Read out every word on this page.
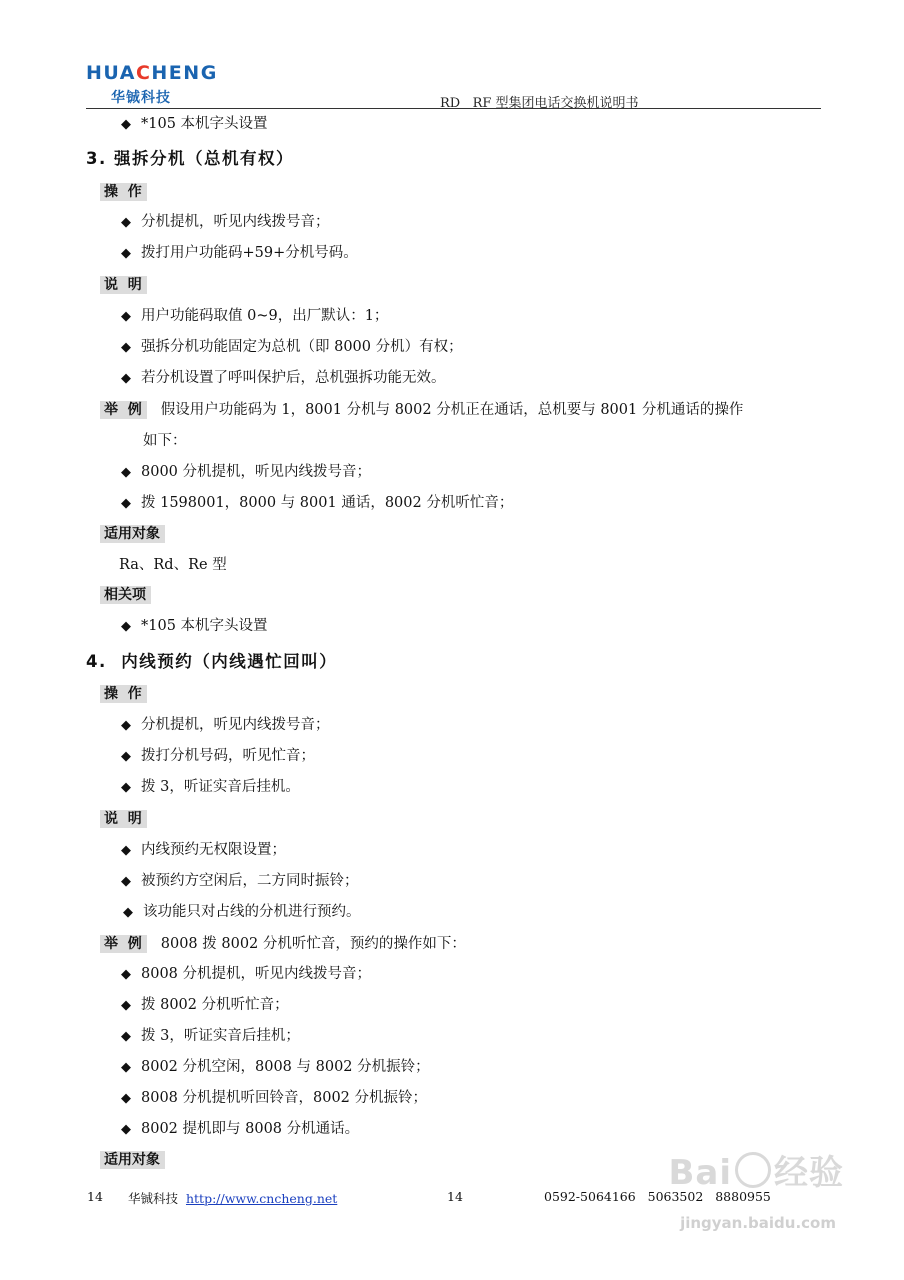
HUACHENG
华铖科技	RD   RF 型集团电话交换机说明书
◆ *105 本机字头设置
3. 强拆分机（总机有权）
操  作
◆ 分机提机，听见内线拨号音；
◆ 拨打用户功能码+59+分机号码。
说  明
◆ 用户功能码取值 0~9，出厂默认：1；
◆ 强拆分机功能固定为总机（即 8000 分机）有权；
◆ 若分机设置了呼叫保护后，总机强拆功能无效。
举  例 假设用户功能码为 1，8001 分机与 8002 分机正在通话，总机要与 8001 分机通话的操作
如下：
◆ 8000 分机提机，听见内线拨号音；
◆ 拨 1598001，8000 与 8001 通话，8002 分机听忙音；
适用对象
Ra、Rd、Re 型
相关项
◆ *105 本机字头设置
4.  内线预约（内线遇忙回叫）
操  作
◆ 分机提机，听见内线拨号音；
◆ 拨打分机号码，听见忙音；
◆ 拨 3，听证实音后挂机。
说  明
◆ 内线预约无权限设置；
◆ 被预约方空闲后，二方同时振铃；
◆ 该功能只对占线的分机进行预约。
举  例 8008 拨 8002 分机听忙音，预约的操作如下：
◆ 8008 分机提机，听见内线拨号音；
◆ 拨 8002 分机听忙音；
◆ 拨 3，听证实音后挂机；
◆ 8002 分机空闲，8008 与 8002 分机振铃；
◆ 8008 分机提机听回铃音，8002 分机振铃；
◆ 8002 提机即与 8008 分机通话。
适用对象
14 华铖科技 http://www.cncheng.net	14	0592-5064166   5063502   8880955
Bai 经验
jingyan.baidu.com
